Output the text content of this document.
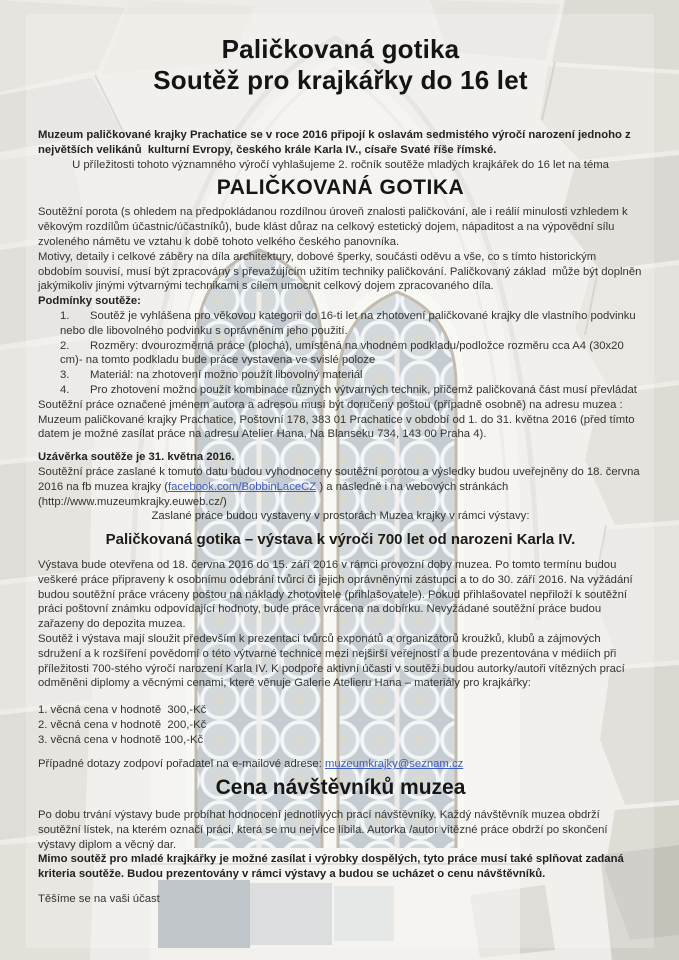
Paličkovaná gotika
Soutěž pro krajkářky do 16 let

Muzeum paličkované krajky Prachatice se v roce 2016 připojí k oslavám sedmistého výročí narození jednoho z největších velikánů  kulturní Evropy, českého krále Karla IV., císaře Svaté říše římské.

U příležitosti tohoto významného výročí vyhlašujeme 2. ročník soutěže mladých krajkářek do 16 let na téma

PALIČKOVANÁ GOTIKA

Soutěžní porota (s ohledem na předpokládanou rozdílnou úroveň znalosti paličkování, ale i reálií minulosti vzhledem k věkovým rozdílům účastnic/účastníků), bude klást důraz na celkový estetický dojem, nápaditost a na výpovědní sílu  zvoleného námětu ve vztahu k době tohoto velkého českého panovníka.

Motivy, detaily i celkové záběry na díla architektury, dobové šperky, součásti oděvu a vše, co s tímto historickým obdobím souvisí, musí být zpracovány s převažujícím užitím techniky paličkování. Paličkovaný základ  může být doplněn jakýmikoliv jinými výtvarnými technikami s cílem umocnit celkový dojem zpracovaného díla.

Podmínky soutěže:
1. Soutěž je vyhlášena pro věkovou kategorii do 16-ti let na zhotovení paličkované krajky dle vlastního podvinku nebo dle libovolného podvinku s oprávněním jeho použití.
2. Rozměry: dvourozměrná práce (plochá), umístěná na vhodném podkladu/podložce rozměru cca A4 (30x20 cm)- na tomto podkladu bude práce vystavena ve svislé poloze
3. Materiál: na zhotovení možno použít libovolný materiál
4. Pro zhotovení možno použít kombinace různých výtvarných technik, přičemž paličkovaná část musí převládat

Soutěžní práce označené jménem autora a adresou musí být doručeny poštou (případně osobně) na adresu muzea :

Muzeum paličkované krajky Prachatice, Poštovní 178, 383 01 Prachatice v období od 1. do 31. května 2016 (před tímto datem je možné zasílat práce na adresu Atelier Hana, Na Blanseku 734, 143 00 Praha 4).

Uzávěrka soutěže je 31. května 2016.

Soutěžní práce zaslané k tomuto datu budou vyhodnoceny soutěžní porotou a výsledky budou uveřejněny do 18. června  2016 na fb muzea krajky (facebook.com/BobbinLaceCZ ) a následně i na webových stránkách (http://www.muzeumkrajky.euweb.cz/)

Zaslané práce budou vystaveny v prostorách Muzea krajky v rámci výstavy:

Paličkovaná gotika – výstava k výroči 700 let od narozeni Karla IV.

Výstava bude otevřena od 18. června 2016 do 15. září 2016 v rámci provozní doby muzea. Po tomto termínu budou veškeré práce připraveny k osobnímu odebrání tvůrci či jejich oprávněnými zástupci a to do 30. září 2016. Na vyžádání budou soutěžní práce vráceny poštou na náklady zhotovitele (přihlašovatele). Pokud přihlašovatel nepřiloží k soutěžní práci poštovní známku odpovídající hodnoty, bude práce vrácena na dobírku. Nevyžádané soutěžní práce budou zařazeny do depozita muzea.

Soutěž i výstava mají sloužit především k prezentaci tvůrců exponátů a organizátorů kroužků, klubů a zájmových sdružení a k rozšíření povědomí o této výtvarné technice mezi nejširší veřejností a bude prezentována v médiích při příležitosti 700-stého výročí narození Karla IV. K podpoře aktivní účasti v soutěži budou autorky/autoři vítězných prací odměněni diplomy a věcnými cenami, které věnuje Galerie Atelieru Hana – materiály pro krajkářky:

1. věcná cena v hodnotě  300,-Kč
2. věcná cena v hodnotě  200,-Kč
3. věcná cena v hodnotě 100,-Kč

Případné dotazy zodpoví pořadatel na e-mailové adrese: muzeumkrajky@seznam.cz

Cena návštěvníků muzea

Po dobu trvání výstavy bude probíhat hodnocení jednotlivých prací návštěvníky. Každý návštěvník muzea obdrží soutěžní lístek, na kterém označí práci, která se mu nejvíce líbila. Autorka /autor vítězné práce obdrží po skončení výstavy diplom a věcný dar.

Mimo soutěž pro mladé krajkářky je možné zasílat i výrobky dospělých, tyto práce musí také splňovat zadaná kriteria soutěže. Budou prezentovány v rámci výstavy a budou se ucházet o cenu návštěvníků.

Těšíme se na vaši účast
